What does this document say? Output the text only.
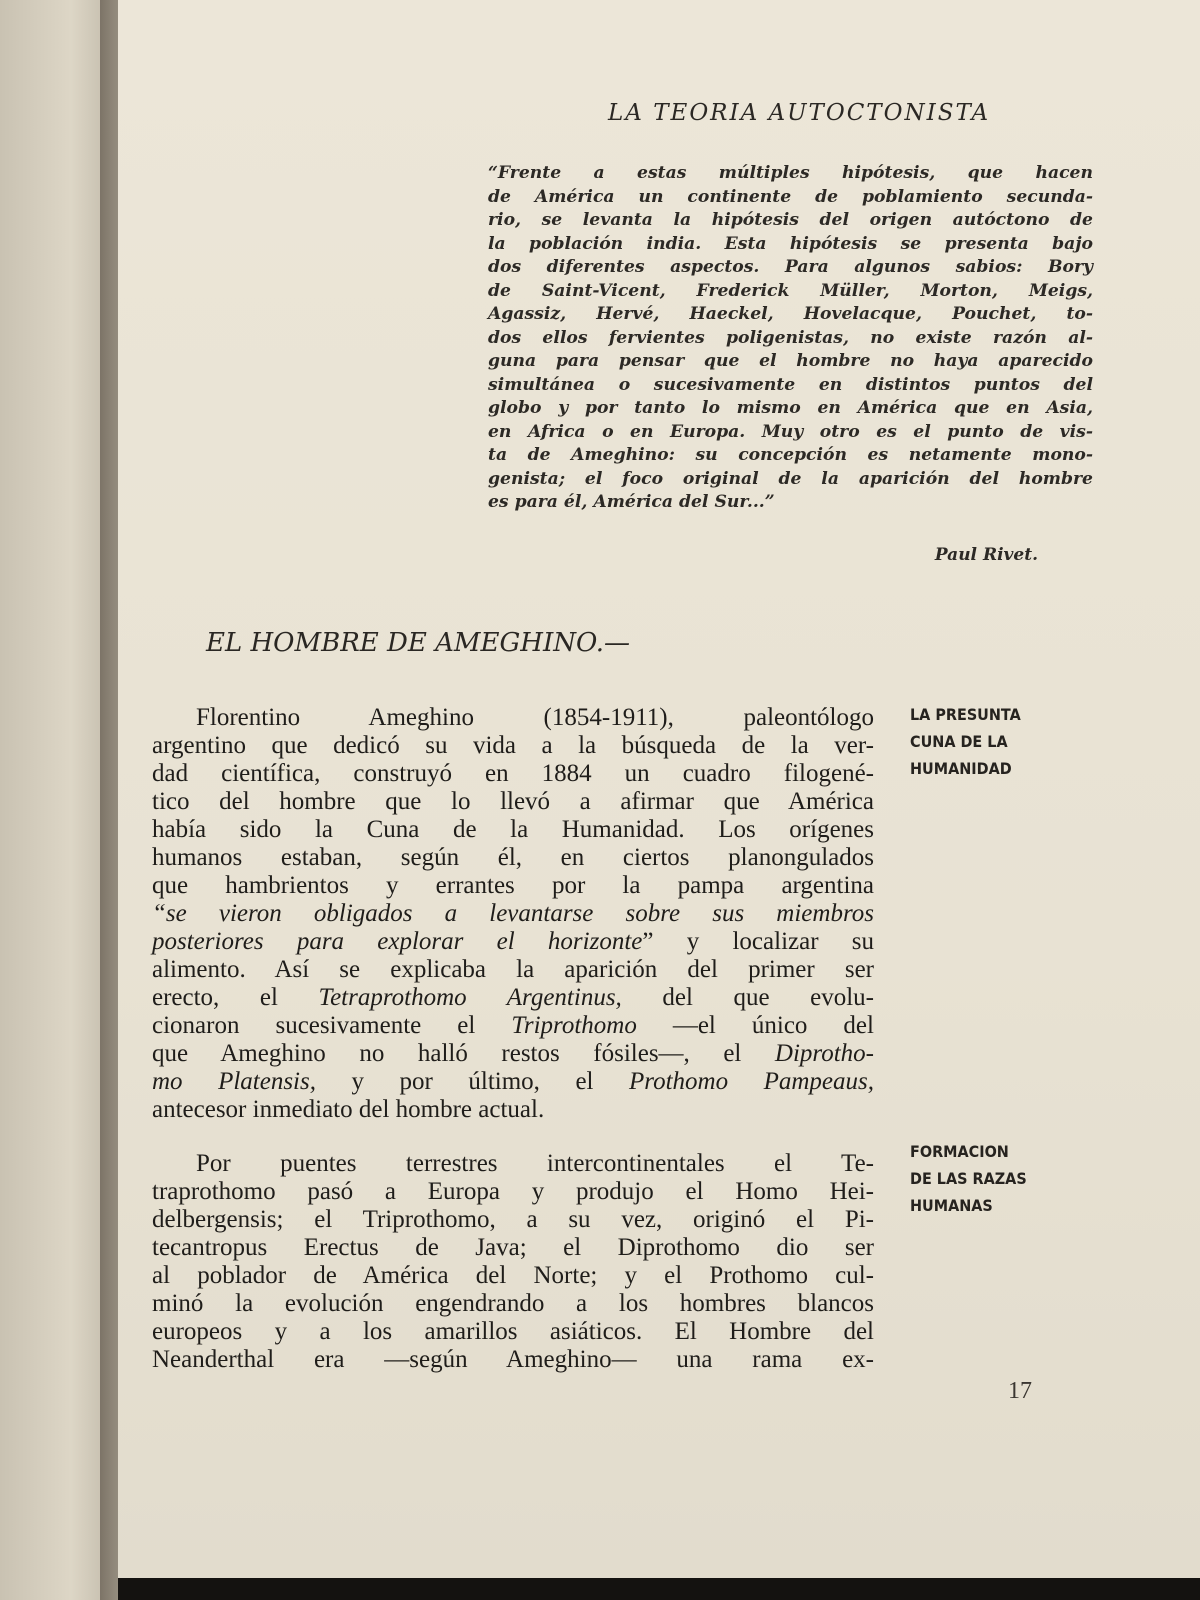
LA TEORIA AUTOCTONISTA
“Frente a estas múltiples hipótesis, que hacen
de América un continente de poblamiento secunda-
rio, se levanta la hipótesis del origen autóctono de
la población india. Esta hipótesis se presenta bajo
dos diferentes aspectos. Para algunos sabios: Bory
de Saint-Vicent, Frederick Müller, Morton, Meigs,
Agassiz, Hervé, Haeckel, Hovelacque, Pouchet, to-
dos ellos fervientes poligenistas, no existe razón al-
guna para pensar que el hombre no haya aparecido
simultánea o sucesivamente en distintos puntos del
globo y por tanto lo mismo en América que en Asia,
en Africa o en Europa. Muy otro es el punto de vis-
ta de Ameghino: su concepción es netamente mono-
genista; el foco original de la aparición del hombre
es para él, América del Sur...”
Paul Rivet.
EL HOMBRE DE AMEGHINO.—
Florentino Ameghino (1854-1911), paleontólogo
argentino que dedicó su vida a la búsqueda de la ver-
dad científica, construyó en 1884 un cuadro filogené-
tico del hombre que lo llevó a afirmar que América
había sido la Cuna de la Humanidad. Los orígenes
humanos estaban, según él, en ciertos planongulados
que hambrientos y errantes por la pampa argentina
“se vieron obligados a levantarse sobre sus miembros
posteriores para explorar el horizonte” y localizar su
alimento. Así se explicaba la aparición del primer ser
erecto, el Tetraprothomo Argentinus, del que evolu-
cionaron sucesivamente el Triprothomo —el único del
que Ameghino no halló restos fósiles—, el Diprotho-
mo Platensis, y por último, el Prothomo Pampeaus,
antecesor inmediato del hombre actual.
Por puentes terrestres intercontinentales el Te-
traprothomo pasó a Europa y produjo el Homo Hei-
delbergensis; el Triprothomo, a su vez, originó el Pi-
tecantropus Erectus de Java; el Diprothomo dio ser
al poblador de América del Norte; y el Prothomo cul-
minó la evolución engendrando a los hombres blancos
europeos y a los amarillos asiáticos. El Hombre del
Neanderthal era —según Ameghino— una rama ex-
LA PRESUNTA
CUNA DE LA
HUMANIDAD
FORMACION
DE LAS RAZAS
HUMANAS
17
